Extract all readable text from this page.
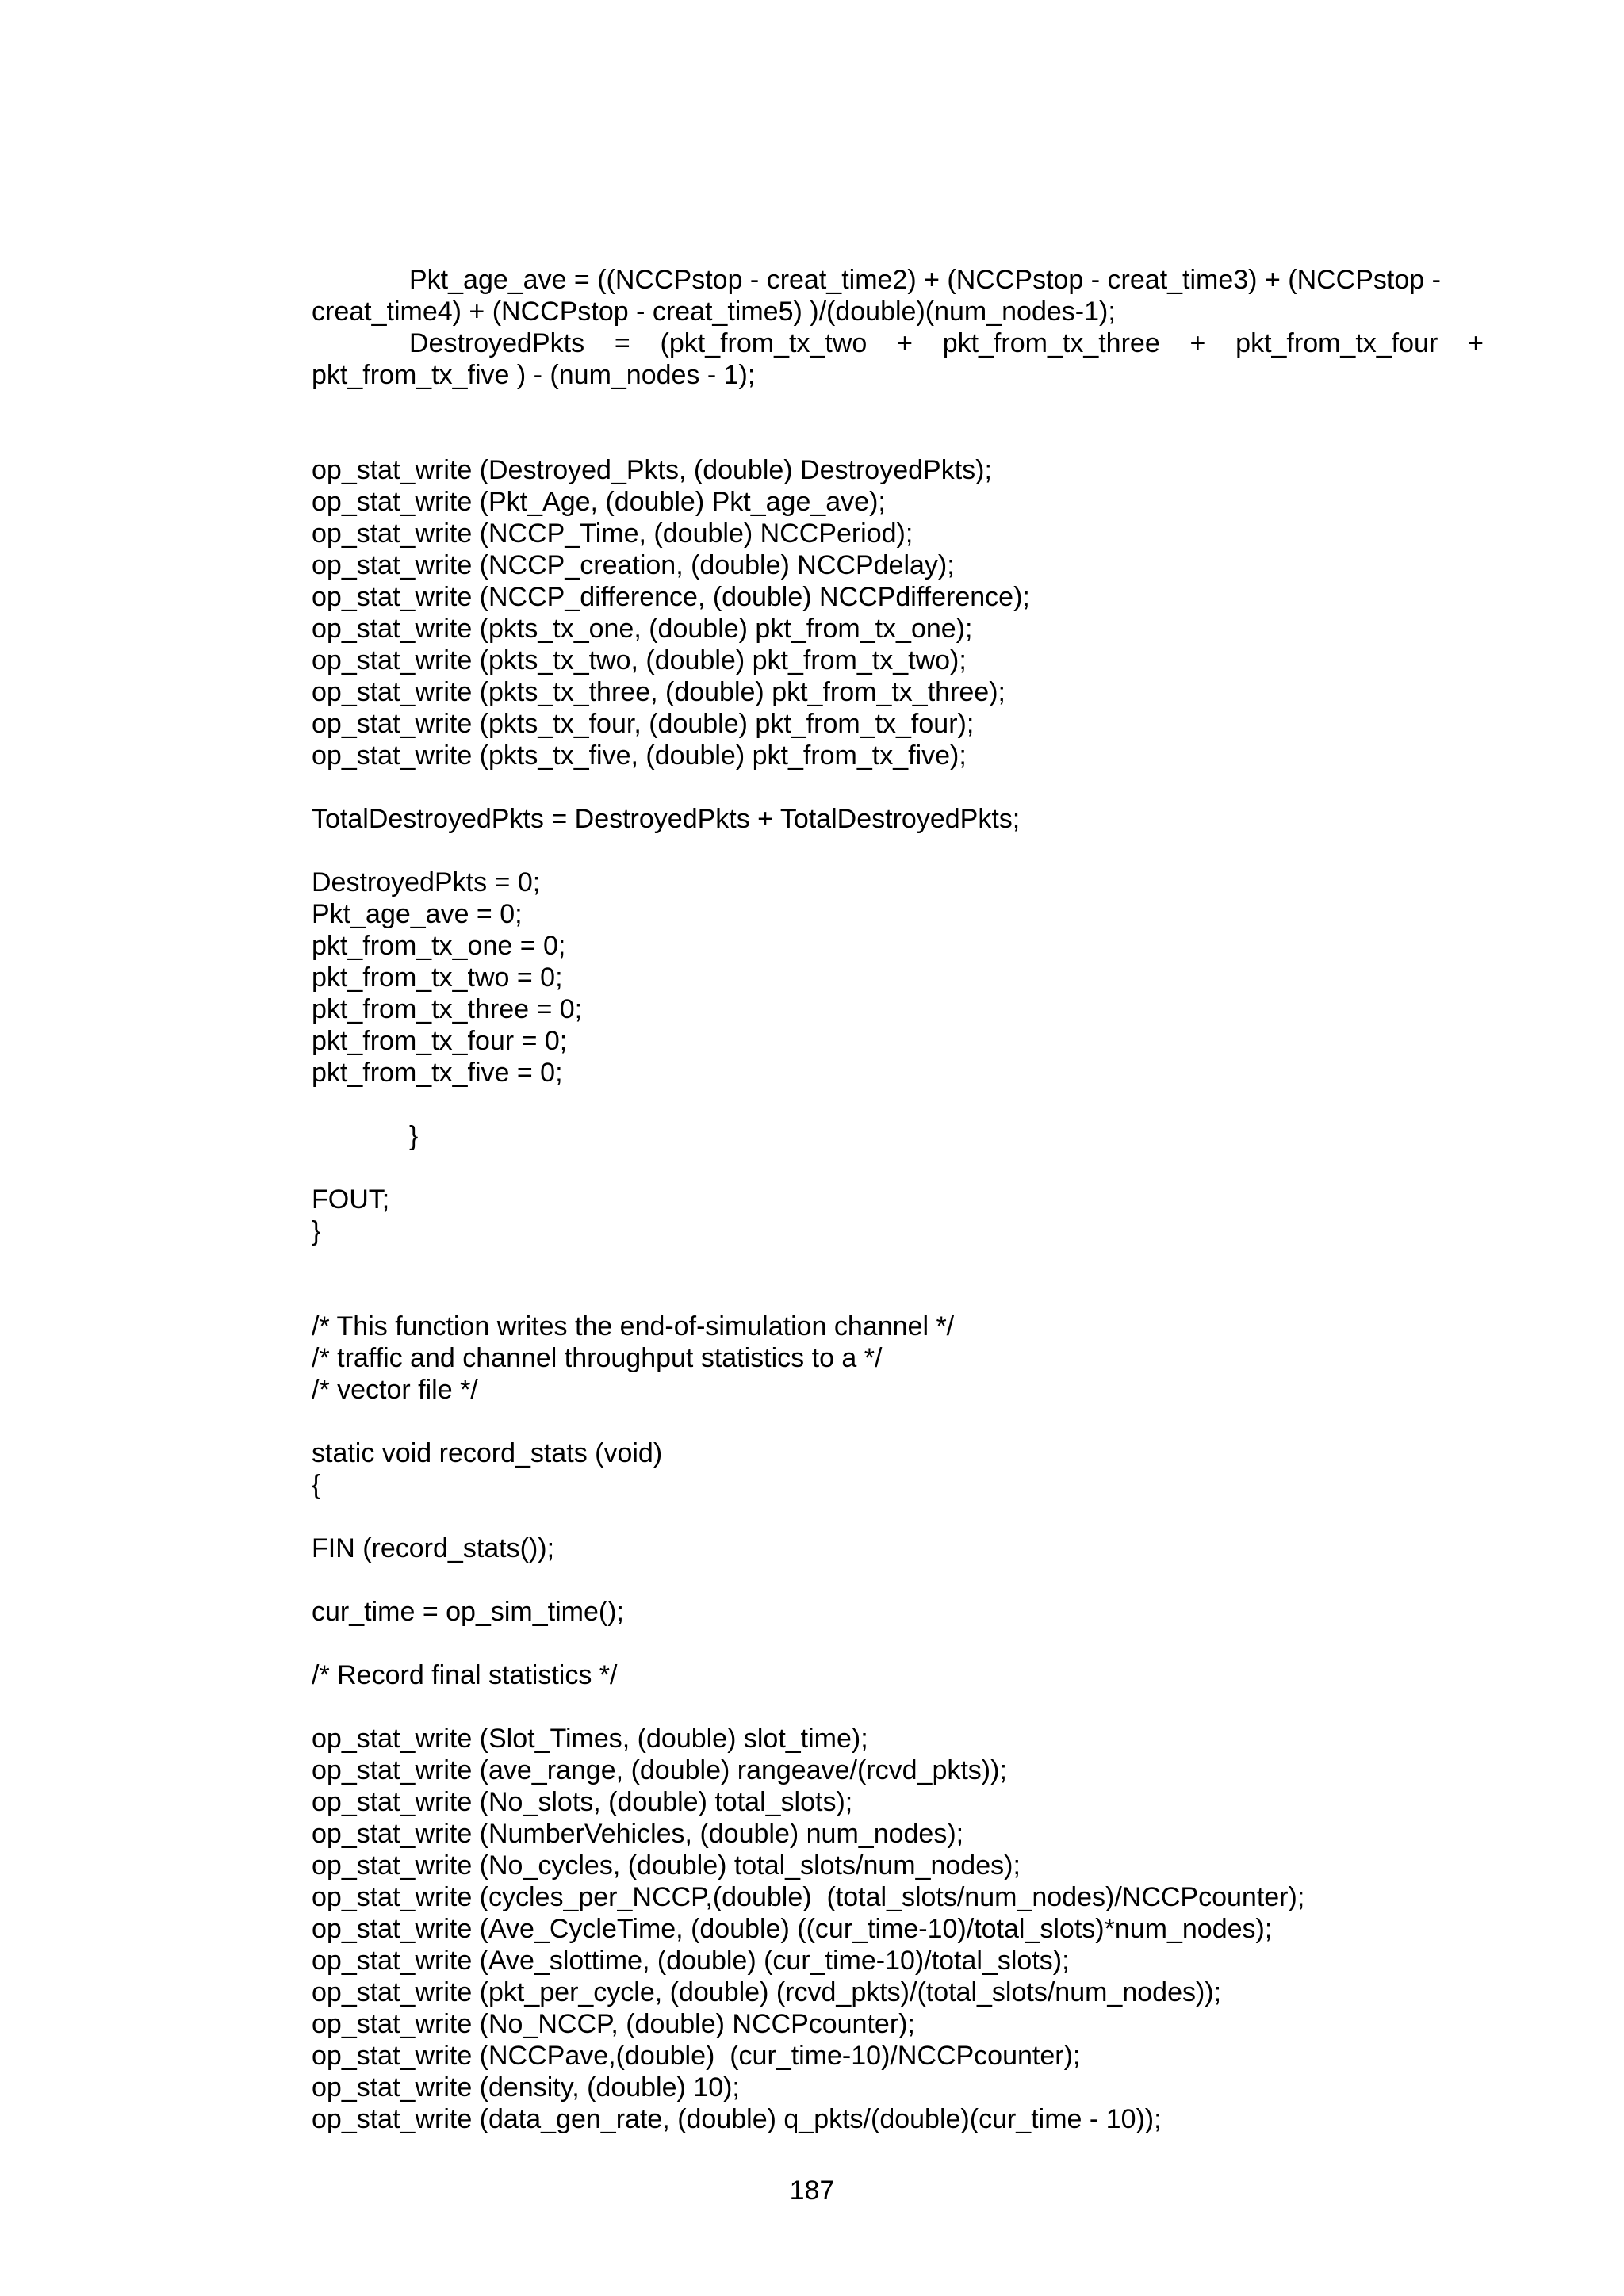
Pkt_age_ave = ((NCCPstop - creat_time2) + (NCCPstop - creat_time3) + (NCCPstop -
creat_time4) + (NCCPstop - creat_time5) )/(double)(num_nodes-1);
DestroyedPkts = (pkt_from_tx_two + pkt_from_tx_three + pkt_from_tx_four +
pkt_from_tx_five ) - (num_nodes - 1);
op_stat_write (Destroyed_Pkts, (double) DestroyedPkts);
op_stat_write (Pkt_Age, (double) Pkt_age_ave);
op_stat_write (NCCP_Time, (double) NCCPeriod);
op_stat_write (NCCP_creation, (double) NCCPdelay);
op_stat_write (NCCP_difference, (double) NCCPdifference);
op_stat_write (pkts_tx_one, (double) pkt_from_tx_one);
op_stat_write (pkts_tx_two, (double) pkt_from_tx_two);
op_stat_write (pkts_tx_three, (double) pkt_from_tx_three);
op_stat_write (pkts_tx_four, (double) pkt_from_tx_four);
op_stat_write (pkts_tx_five, (double) pkt_from_tx_five);
TotalDestroyedPkts = DestroyedPkts + TotalDestroyedPkts;
DestroyedPkts = 0;
Pkt_age_ave = 0;
pkt_from_tx_one = 0;
pkt_from_tx_two = 0;
pkt_from_tx_three = 0;
pkt_from_tx_four = 0;
pkt_from_tx_five = 0;
}
FOUT;
}
/* This function writes the end-of-simulation channel */
/* traffic and channel throughput statistics to a */
/* vector file */
static void record_stats (void)
{
FIN (record_stats());
cur_time = op_sim_time();
/* Record final statistics */
op_stat_write (Slot_Times, (double) slot_time);
op_stat_write (ave_range, (double) rangeave/(rcvd_pkts));
op_stat_write (No_slots, (double) total_slots);
op_stat_write (NumberVehicles, (double) num_nodes);
op_stat_write (No_cycles, (double) total_slots/num_nodes);
op_stat_write (cycles_per_NCCP,(double)  (total_slots/num_nodes)/NCCPcounter);
op_stat_write (Ave_CycleTime, (double) ((cur_time-10)/total_slots)*num_nodes);
op_stat_write (Ave_slottime, (double) (cur_time-10)/total_slots);
op_stat_write (pkt_per_cycle, (double) (rcvd_pkts)/(total_slots/num_nodes));
op_stat_write (No_NCCP, (double) NCCPcounter);
op_stat_write (NCCPave,(double)  (cur_time-10)/NCCPcounter);
op_stat_write (density, (double) 10);
op_stat_write (data_gen_rate, (double) q_pkts/(double)(cur_time - 10));
187
